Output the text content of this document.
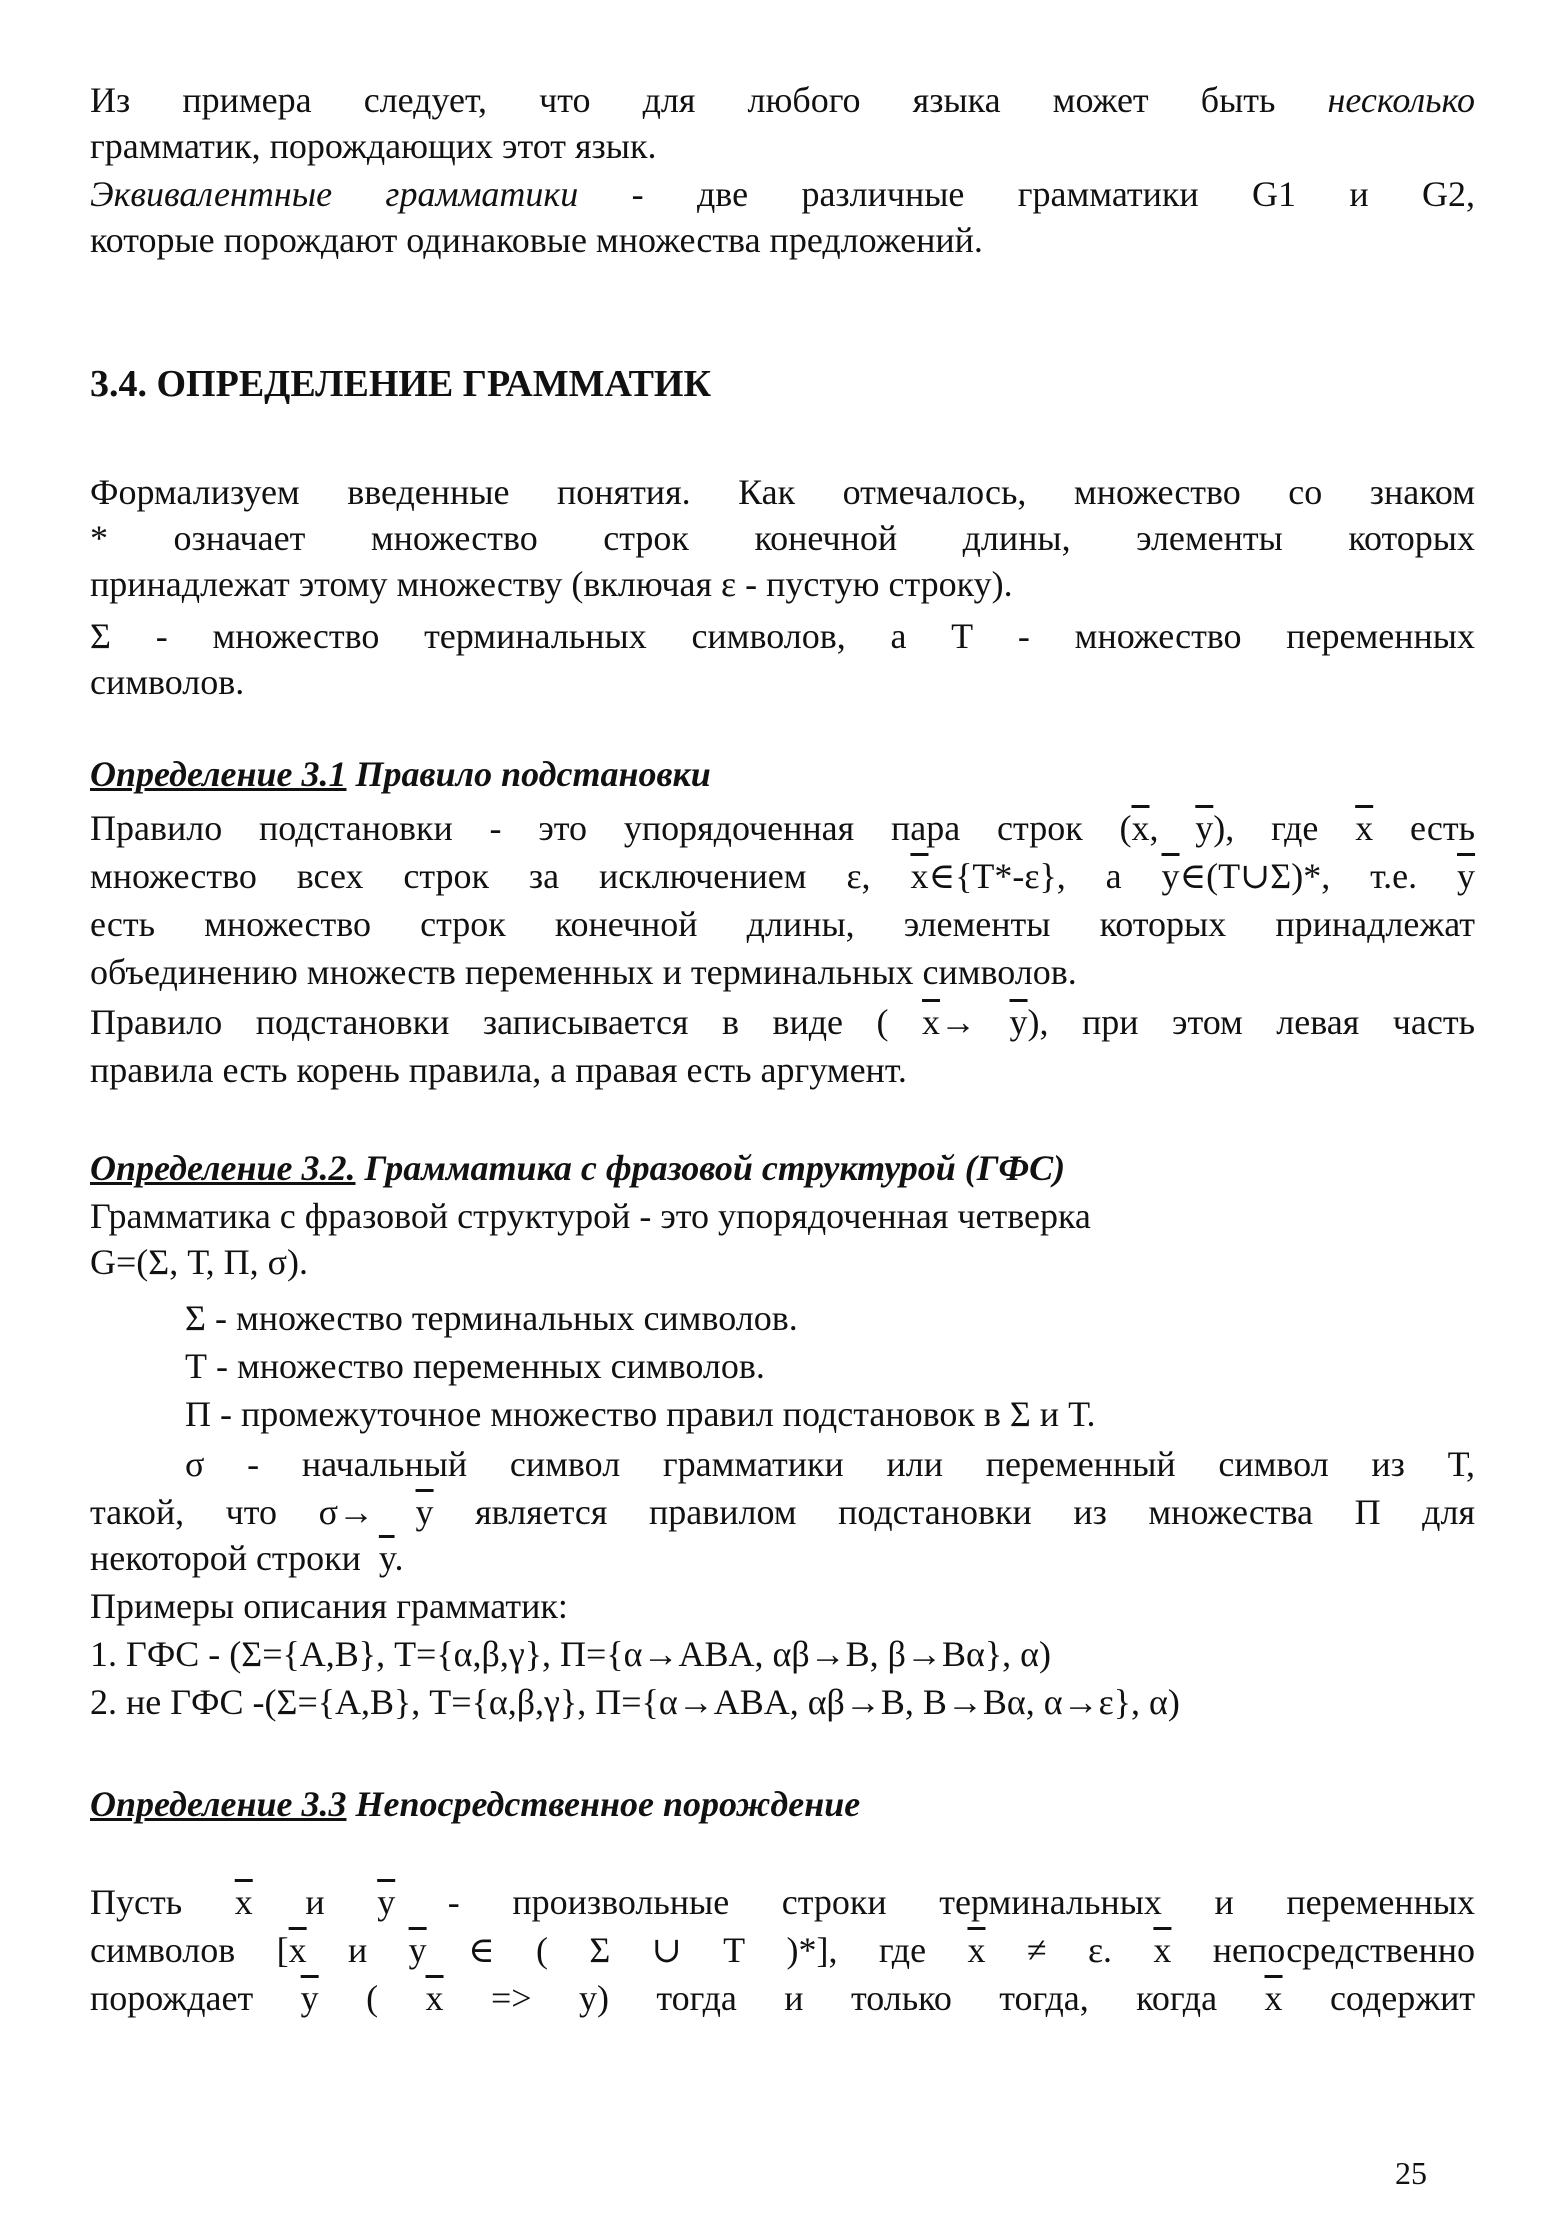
Из примера следует, что для любого языка может быть несколько
грамматик, порождающих этот язык.
Эквивалентные грамматики - две различные грамматики G1 и G2,
которые порождают одинаковые множества предложений.
3.4. ОПРЕДЕЛЕНИЕ ГРАММАТИК
Формализуем введенные понятия. Как отмечалось, множество со знаком
* означает множество строк конечной длины, элементы которых
принадлежат этому множеству (включая ε - пустую строку).
Σ - множество терминальных символов, а Т - множество переменных
символов.
Определение 3.1 Правило подстановки
Правило подстановки - это упорядоченная пара строк ($\overline{x}$, $\overline{y}$), где $\overline{x}$ есть
множество всех строк за исключением ε, $\overline{x}\in\{Т*-\varepsilon\}$, а $\overline{y}\in(Т\cup\Sigma)*$, т.е. $\overline{y}$
есть множество строк конечной длины, элементы которых принадлежат
объединению множеств переменных и терминальных символов.
Правило подстановки записывается в виде ( $\overline{x}\to \overline{y}$), при этом левая часть
правила есть корень правила, а правая есть аргумент.
Определение 3.2. Грамматика с фразовой структурой (ГФС)
Грамматика с фразовой структурой - это упорядоченная четверка
G=(Σ, Т, П, σ).
Σ - множество терминальных символов.
Т - множество переменных символов.
П - промежуточное множество правил подстановок в Σ и Т.
σ - начальный символ грамматики или переменный символ из Т,
такой, что $\sigma\to \overline{y}$ является правилом подстановки из множества П для
некоторой строки $\overline{y}$.
Примеры описания грамматик:
1. ГФС - (Σ={A,B}, T={α,β,γ}, П={α→ABA, αβ→B, β→Bα}, α)
2. не ГФС -(Σ={A,B}, T={α,β,γ}, П={α→ABA, αβ→B, B→Bα, α→ε}, α)
Определение 3.3 Непосредственное порождение
Пусть $\overline{x}$ и $\overline{y}$ - произвольные строки терминальных и переменных
символов [$\overline{x}$ и $\overline{y}$ ∈ ( Σ ∪ Т )*], где $\overline{x} \ne \varepsilon$. $\overline{x}$ непосредственно
порождает $\overline{y}$ ( $\overline{x} => y$) тогда и только тогда, когда $\overline{x}$ содержит
25
